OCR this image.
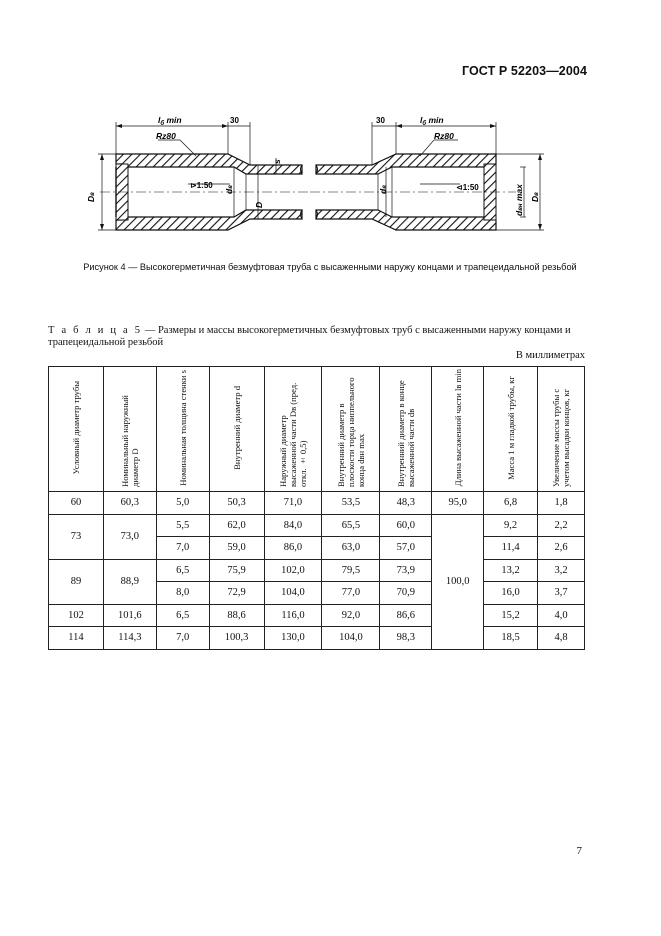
ГОСТ Р 52203—2004
$l_б$ min	30
Rz80
⊳1:50
s
D
dв
Dв
$l_б$ min
30
Rz80
⊲1:50
dв
dвн max Dв
Рисунок 4 — Высокогерметичная безмуфтовая труба с высаженными наружу концами и трапецеидальной резьбой
Т а б л и ц а 5 — Размеры и массы высокогерметичных безмуфтовых труб с высаженными наружу концами и трапецеидальной резьбой
В миллиметрах
Условный диаметр трубы	Номинальный наружный диаметр D	Номинальная толщина стенки s	Внутренний диаметр d	Наружный диаметр высаженной части Dв (пред. откл. ± 0,5)	Внутренний диаметр в плоскости торца ниппельного конца dвн max	Внутренний диаметр в конце высаженной части dв	Длина высаженной части lв min	Масса 1 м гладкой трубы, кг	Увеличение массы трубы с учетом высадки концов, кг
60	60,3	5,0	50,3	71,0	53,5	48,3	95,0	6,8	1,8
73	73,0	5,5	62,0	84,0	65,5	60,0	100,0	9,2	2,2
		7,0	59,0	86,0	63,0	57,0		11,4	2,6
89	88,9	6,5	75,9	102,0	79,5	73,9		13,2	3,2
		8,0	72,9	104,0	77,0	70,9		16,0	3,7
102	101,6	6,5	88,6	116,0	92,0	86,6		15,2	4,0
114	114,3	7,0	100,3	130,0	104,0	98,3		18,5	4,8
7
